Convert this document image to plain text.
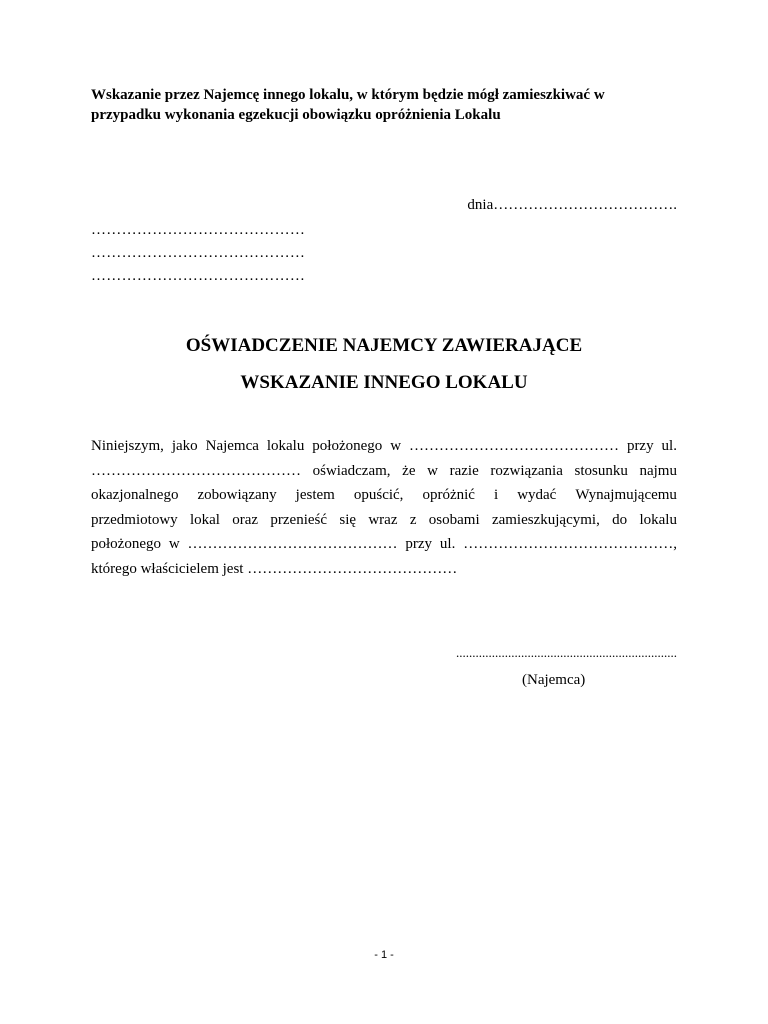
Wskazanie przez Najemcę innego lokalu, w którym będzie mógł zamieszkiwać w
przypadku wykonania egzekucji obowiązku opróżnienia Lokalu
dnia……………………………….
……………………………………
……………………………………
……………………………………
OŚWIADCZENIE NAJEMCY ZAWIERAJĄCE
WSKAZANIE INNEGO LOKALU
Niniejszym, jako Najemca lokalu położonego w …………………………………… przy ul.
…………………………………… oświadczam, że w razie rozwiązania stosunku najmu
okazjonalnego zobowiązany jestem opuścić, opróżnić i wydać Wynajmującemu
przedmiotowy lokal oraz przenieść się wraz z osobami zamieszkującymi, do lokalu
położonego w …………………………………… przy ul. ……………………………………,
którego właścicielem jest ……………………………………
....................................................................
(Najemca)
- 1 -
